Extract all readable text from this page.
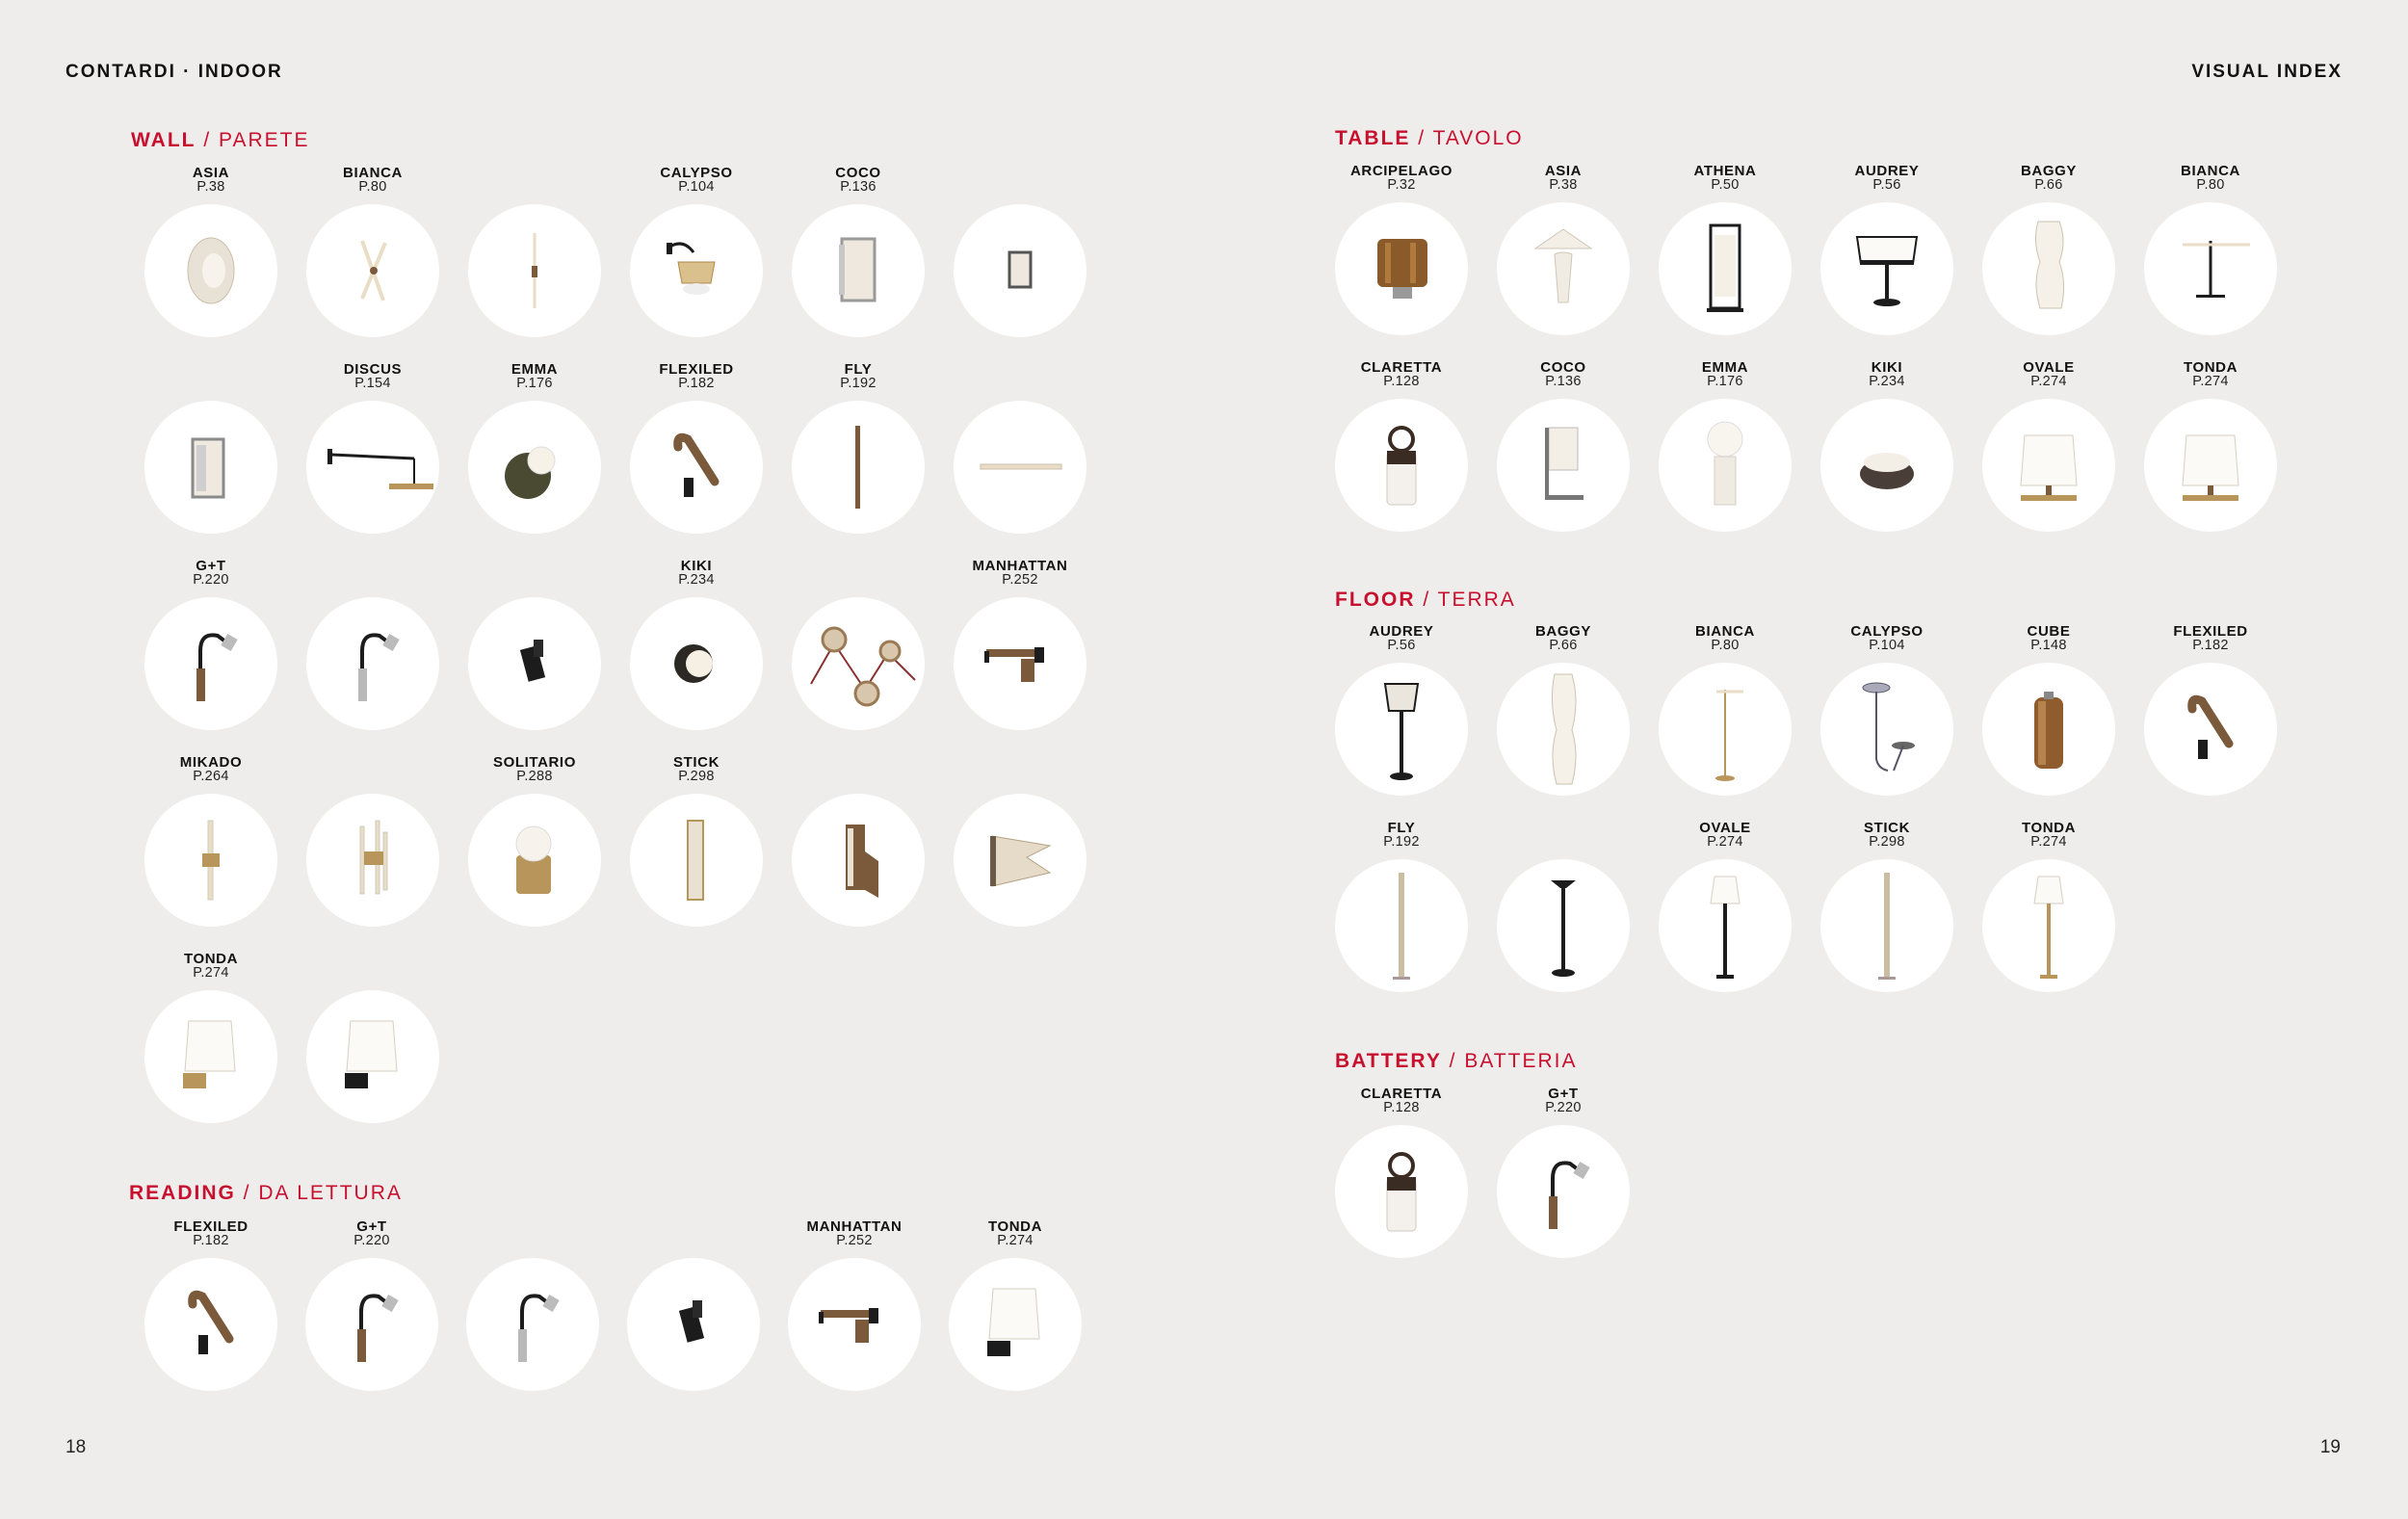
CONTARDI · INDOOR	VISUAL INDEX
WALL / PARETE
ASIA
P.38
BIANCA
P.80
CALYPSO
P.104
COCO
P.136
DISCUS
P.154
EMMA
P.176
FLEXILED
P.182
FLY
P.192
G+T
P.220
KIKI
P.234
MANHATTAN
P.252
MIKADO
P.264
SOLITARIO
P.288
STICK
P.298
TONDA
P.274
READING / DA LETTURA
FLEXILED
P.182
G+T
P.220
MANHATTAN
P.252
TONDA
P.274
TABLE / TAVOLO
ARCIPELAGO
P.32
ASIA
P.38
ATHENA
P.50
AUDREY
P.56
BAGGY
P.66
BIANCA
P.80
CLARETTA
P.128
COCO
P.136
EMMA
P.176
KIKI
P.234
OVALE
P.274
TONDA
P.274
FLOOR / TERRA
AUDREY
P.56
BAGGY
P.66
BIANCA
P.80
CALYPSO
P.104
CUBE
P.148
FLEXILED
P.182
FLY
P.192
OVALE
P.274
STICK
P.298
TONDA
P.274
BATTERY / BATTERIA
CLARETTA
P.128
G+T
P.220
18	19
